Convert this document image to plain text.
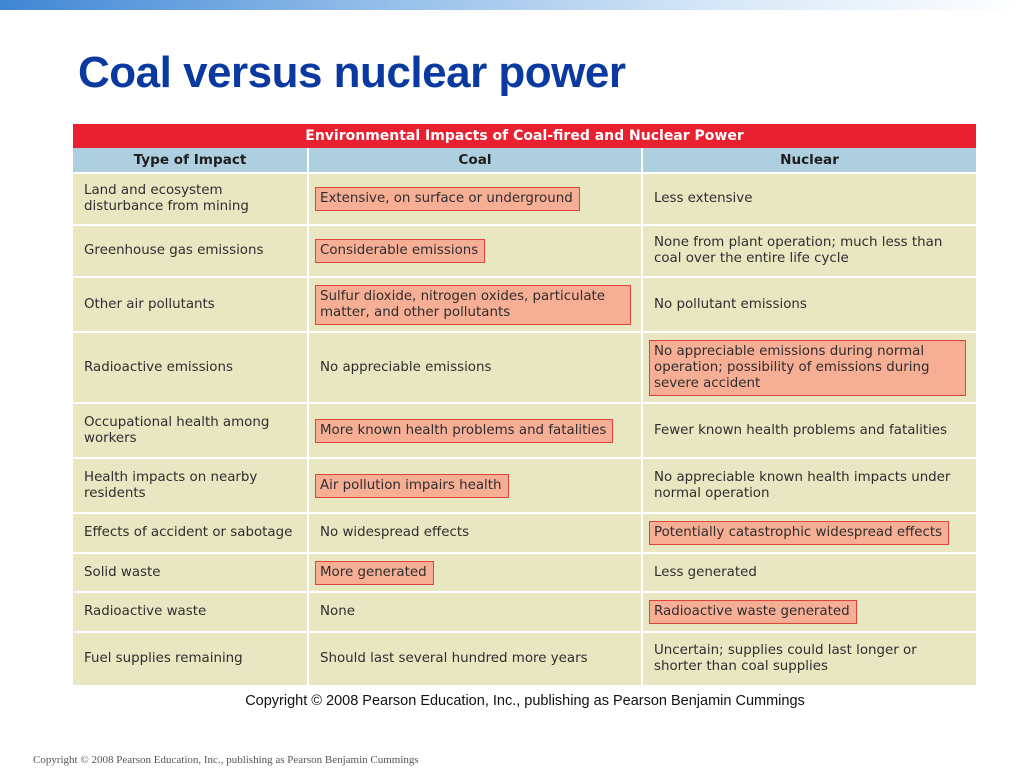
Coal versus nuclear power
Environmental Impacts of Coal-fired and Nuclear Power
Type of Impact	Coal	Nuclear
Land and ecosystem disturbance from mining	Extensive, on surface or underground	Less extensive
Greenhouse gas emissions	Considerable emissions	None from plant operation; much less than coal over the entire life cycle
Other air pollutants	Sulfur dioxide, nitrogen oxides, particulate matter, and other pollutants	No pollutant emissions
Radioactive emissions	No appreciable emissions	No appreciable emissions during normal operation; possibility of emissions during severe accident
Occupational health among workers	More known health problems and fatalities	Fewer known health problems and fatalities
Health impacts on nearby residents	Air pollution impairs health	No appreciable known health impacts under normal operation
Effects of accident or sabotage	No widespread effects	Potentially catastrophic widespread effects
Solid waste	More generated	Less generated
Radioactive waste	None	Radioactive waste generated
Fuel supplies remaining	Should last several hundred more years	Uncertain; supplies could last longer or shorter than coal supplies
Copyright © 2008 Pearson Education, Inc., publishing as Pearson Benjamin Cummings
Copyright © 2008 Pearson Education, Inc., publishing as Pearson Benjamin Cummings
